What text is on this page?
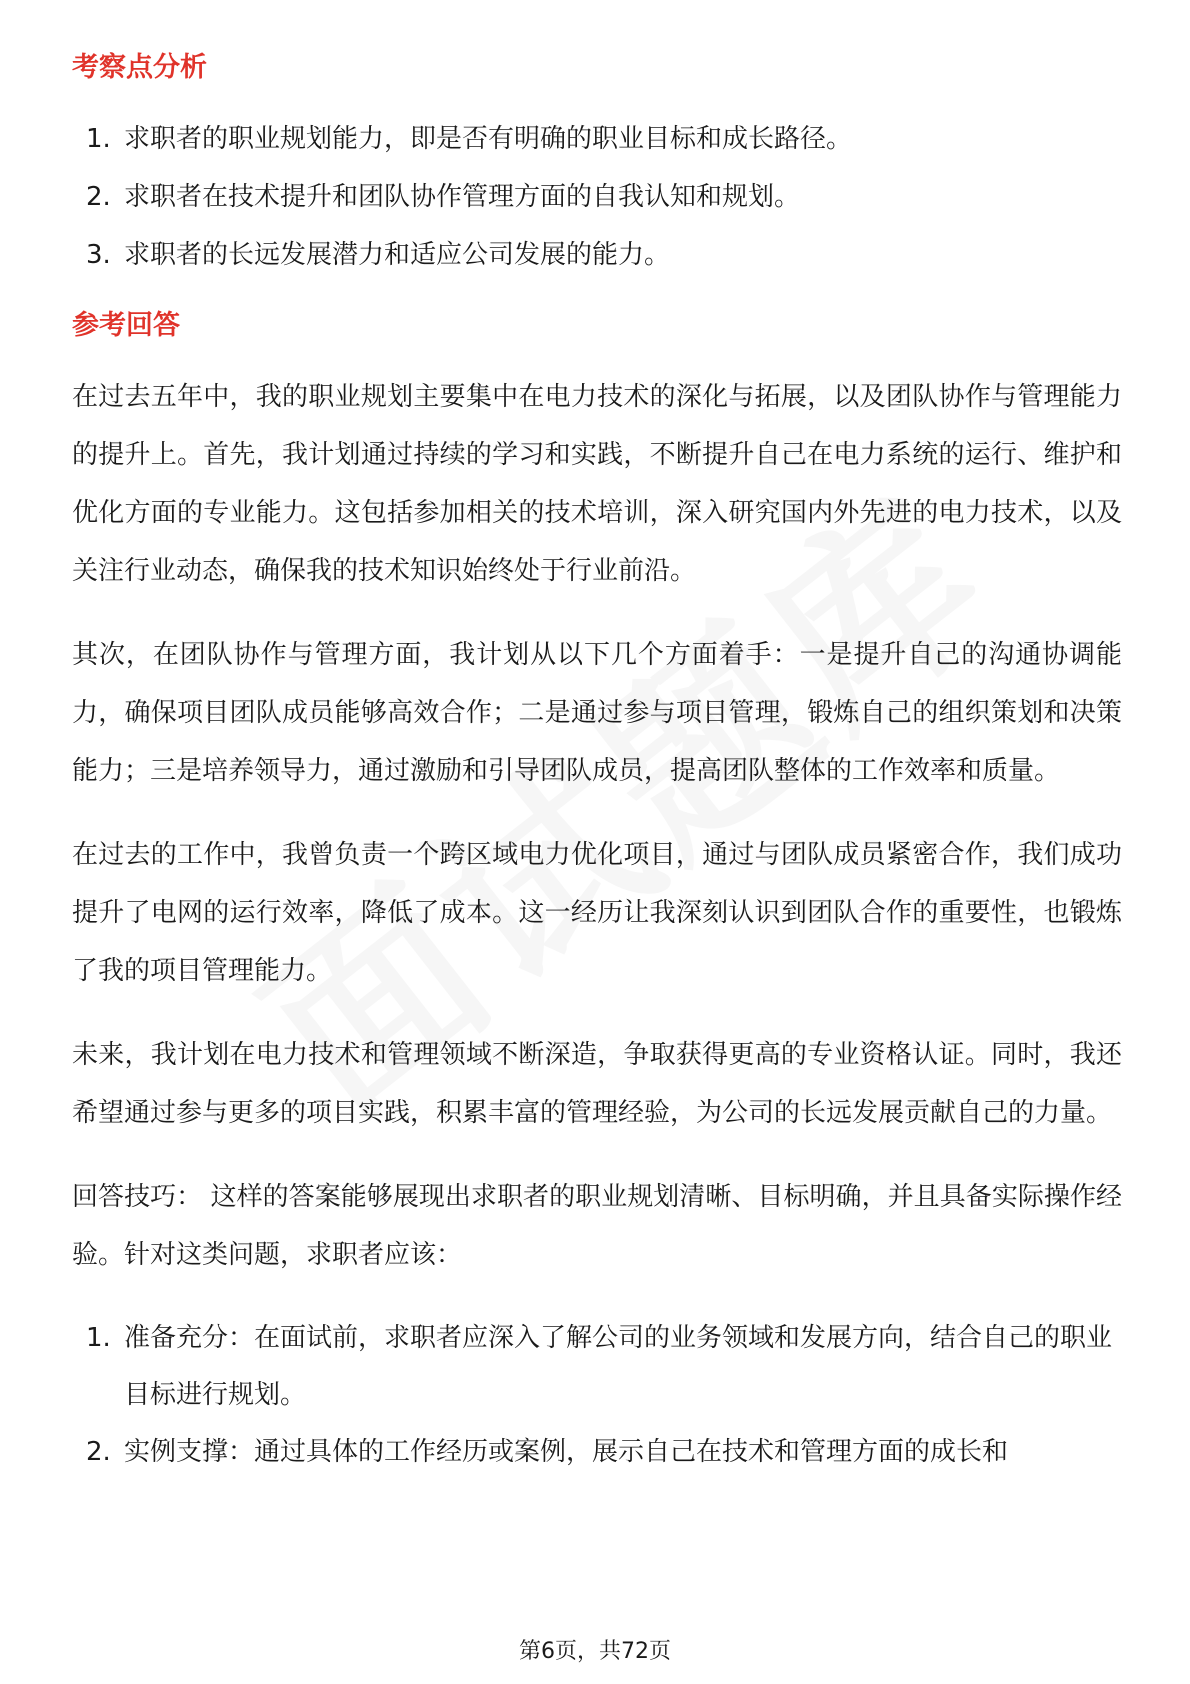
考察点分析
1. 求职者的职业规划能力，即是否有明确的职业目标和成长路径。
2. 求职者在技术提升和团队协作管理方面的自我认知和规划。
3. 求职者的长远发展潜力和适应公司发展的能力。
参考回答

在过去五年中，我的职业规划主要集中在电力技术的深化与拓展，以及团队协作与管理能力的提升上。首先，我计划通过持续的学习和实践，不断提升自己在电力系统的运行、维护和优化方面的专业能力。这包括参加相关的技术培训，深入研究国内外先进的电力技术，以及关注行业动态，确保我的技术知识始终处于行业前沿。

其次，在团队协作与管理方面，我计划从以下几个方面着手：一是提升自己的沟通协调能力，确保项目团队成员能够高效合作；二是通过参与项目管理，锻炼自己的组织策划和决策能力；三是培养领导力，通过激励和引导团队成员，提高团队整体的工作效率和质量。

在过去的工作中，我曾负责一个跨区域电力优化项目，通过与团队成员紧密合作，我们成功提升了电网的运行效率，降低了成本。这一经历让我深刻认识到团队合作的重要性，也锻炼了我的项目管理能力。

未来，我计划在电力技术和管理领域不断深造，争取获得更高的专业资格认证。同时，我还希望通过参与更多的项目实践，积累丰富的管理经验，为公司的长远发展贡献自己的力量。

回答技巧： 这样的答案能够展现出求职者的职业规划清晰、目标明确，并且具备实际操作经验。针对这类问题，求职者应该：

1. 准备充分：在面试前，求职者应深入了解公司的业务领域和发展方向，结合自己的职业目标进行规划。
2. 实例支撑：通过具体的工作经历或案例，展示自己在技术和管理方面的成长和
第6页，共72页
